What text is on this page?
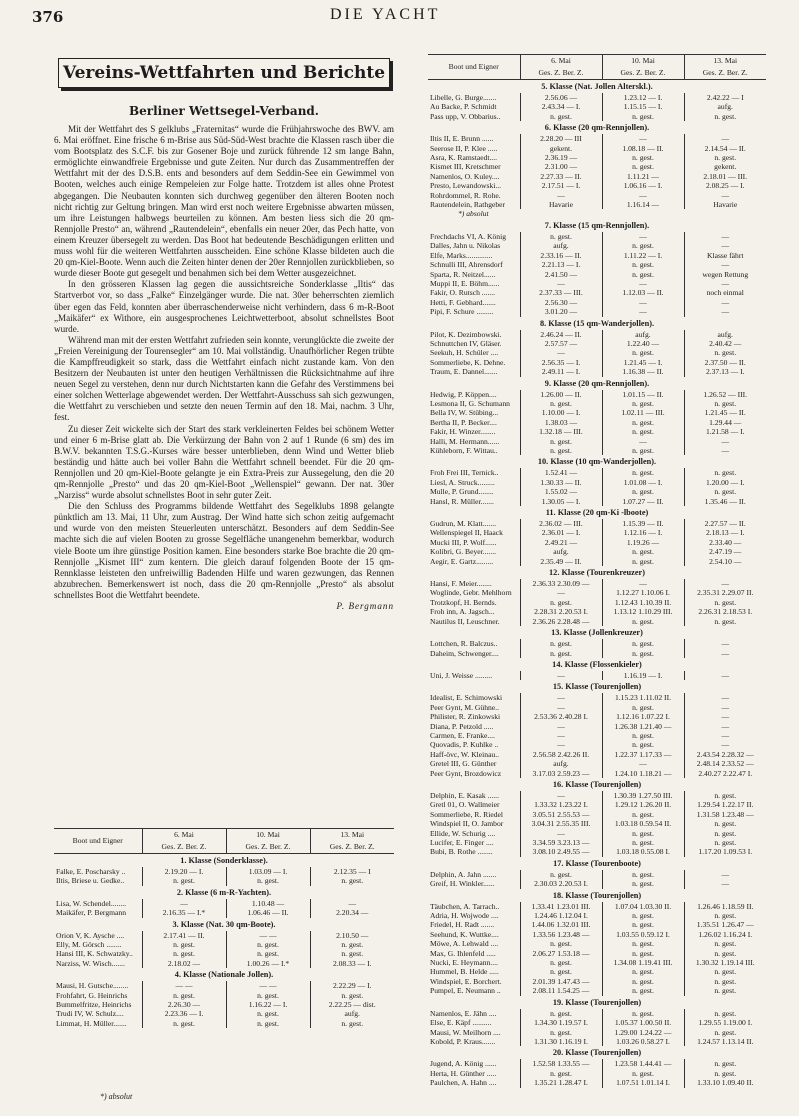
376	DIE YACHT
Vereins-Wettfahrten und Berichte
Berliner Wettsegel-Verband.

Mit der Wettfahrt des S gelklubs „Fraternitas“ wurde die Frühjahrswoche des BWV. am 6. Mai eröffnet. Eine frische 6 m-Brise aus Süd-Süd-West brachte die Klassen rasch über die vom Bootsplatz des S.C.F. bis zur Gosener Boje und zurück führende 12 sm lange Bahn, ermöglichte einwandfreie Ergebnisse und gute Zeiten. Nur durch das Zusammentreffen der Wettfahrt mit der des D.S.B. ents and besonders auf dem Seddin-See ein Gewimmel von Booten, welches auch einige Rempeleien zur Folge hatte. Trotzdem ist alles ohne Protest abgegangen. Die Neubauten konnten sich durchweg gegenüber den älteren Booten noch nicht richtig zur Geltung bringen. Man wird erst noch weitere Ergebnisse abwarten müssen, um ihre Leistungen halbwegs beurteilen zu können. Am besten liess sich die 20 qm-Rennjolle Presto“ an, während „Rautendelein“, ebenfalls ein neuer 20er, das Pech hatte, von einem Kreuzer übersegelt zu werden. Das Boot hat bedeutende Beschädigungen erlitten und muss wohl für die weiteren Wettfahrten ausscheiden. Eine schöne Klasse bildeten auch die 20 qm-Kiel-Boote. Wenn auch die Zeiten hinter denen der 20er Rennjollen zurückblieben, so wurde dieser Boote gut gesegelt und benahmen sich bei dem Wetter ausgezeichnet.

In den grösseren Klassen lag gegen die aussichtsreiche Sonderklasse „Iltis“ das Startverbot vor, so dass „Falke“ Einzelgänger wurde. Die nat. 30er beherrschten ziemlich über egen das Feld, konnten aber überraschenderweise nicht verhindern, dass 6 m-R-Boot „Maikäfer“ ex Withore, ein ausgesprochenes Leichtwetterboot, absolut schnellstes Boot wurde.

Während man mit der ersten Wettfahrt zufrieden sein konnte, verunglückte die zweite der „Freien Vereinigung der Tourensegler“ am 10. Mai vollständig. Unaufhörlicher Regen trübte die Kampffreudigkeit so stark, dass die Wettfahrt einfach nicht zustande kam. Von den Besitzern der Neubauten ist unter den heutigen Verhältnissen die Rücksichtnahme auf ihre neuen Segel zu verstehen, denn nur durch Nichtstarten kann die Gefahr des Verstimmens bei einer solchen Wetterlage abgewendet werden. Der Wettfahrt-Ausschuss sah sich gezwungen, die Wettfahrt zu verschieben und setzte den neuen Termin auf den 18. Mai, nachm. 3 Uhr, fest.

Zu dieser Zeit wickelte sich der Start des stark verkleinerten Feldes bei schönem Wetter und einer 6 m-Brise glatt ab. Die Verkürzung der Bahn von 2 auf 1 Runde (6 sm) des im B.W.V. bekannten T.S.G.-Kurses wäre besser unterblieben, denn Wind und Wetter blieb beständig und hätte auch bei voller Bahn die Wettfahrt schnell beendet. Für die 20 qm-Rennjollen und 20 qm-Kiel-Boote gelangte je ein Extra-Preis zur Aussegelung, den die 20 qm-Rennjolle „Presto“ und das 20 qm-Kiel-Boot „Wellenspiel“ gewann. Der nat. 30er „Narziss“ wurde absolut schnellstes Boot in sehr guter Zeit.

Die den Schluss des Programms bildende Wettfahrt des Segelklubs 1898 gelangte pünktlich am 13. Mai, 11 Uhr, zum Austrag. Der Wind hatte sich schon zeitig aufgemacht und wurde von den meisten Steuerleuten unterschätzt. Besonders auf dem Seddin-See machte sich die auf vielen Booten zu grosse Segelfläche unangenehm bemerkbar, wodurch viele Boote um ihre günstige Position kamen. Eine besonders starke Boe brachte die 20 qm-Rennjolle „Kismet III“ zum kentern. Die gleich darauf folgenden Boote der 15 qm-Rennklasse leisteten den unfreiwillig Badenden Hilfe und waren gezwungen, das Rennen abzubrechen. Bemerkenswert ist noch, dass die 20 qm-Rennjolle „Presto“ als absolut schnellstes Boot die Wettfahrt beendete.

P. Bergmann
Boot und Eigner	6. Mai
Ges. Z. Ber. Z.	10. Mai
Ges. Z. Ber. Z.	13. Mai
Ges. Z. Ber. Z.
1. Klasse (Sonderklasse).			
Falke, E. Poscharsky ..	2.19.20 — I.	1.03.09 — I.	2.12.35 — I
Iltis, Briese u. Gedke..	n. gest.	n. gest.	n. gest.
2. Klasse (6 m-R-Yachten).			
Lisa, W. Schendel........	—	1.10.48 —	—
Maikäfer, P. Bergmann	2.16.35 — I.*	1.06.46 — II.	2.20.34 —
3. Klasse (Nat. 30 qm-Boote).			
Orion V, K. Aysche ....	2.17.41 — II.	— —	2.10.50 —
Elly, M. Görsch ........	n. gest.	n. gest.	n. gest.
Hansi III, K. Schwatzky..	n. gest.	n. gest.	n. gest.
Narziss, W. Wisch.......	2.18.02 —	1.00.26 — I.*	2.08.33 — I.
4. Klasse (Nationale Jollen).			
Mausi, H. Gutsche........	— —	— —	2.22.29 — I.
Frohfahrt, G. Heinrichs	n. gest.	n. gest.	n. gest.
Bummelfritze, Heinrichs	2.26.30 —	1.16.22 — I.	2.22.25 — dist.
Trudi IV, W. Schulz....	2.23.36 — I.	n. gest.	aufg.
Limmat, H. Müller.......	n. gest.	n. gest.	n. gest.
*) absolut
Boot und Eigner	6. Mai
Ges. Z. Ber. Z.	10. Mai
Ges. Z. Ber. Z.	13. Mai
Ges. Z. Ber. Z.
5. Klasse (Nat. Jollen Alterskl.).			
Libelle, G. Burge.......	2.56.06 —	1.23.12 — I.	2.42.22 — I
Au Backe, P. Schmidt	2.43.34 — I.	1.15.15 — I.	aufg.
Pass upp, V. Obbarius..	n. gest.	n. gest.	n. gest.
6. Klasse (20 qm-Rennjollen).			
Iltis II, E. Brunn ......	2.28.20 — III	—	—
Seerose II, P. Klee .....	gekent.	1.08.18 — II.	2.14.54 — II.
Asra, K. Ramstaedt....	2.36.19 —	n. gest.	n. gest.
Kismet III, Kretschmer	2.31.00 —	n. gest.	gekent.
Namenlos, O. Kuley....	2.27.33 — II.	1.11.21 —	2.18.01 — III.
Presto, Lewandowski...	2.17.51 — I.	1.06.16 — I.	2.08.25 — I.
Rohrdommel, R. Rohe.	—	—	—
Rautendelein, Rathgeber	Havarie	1.16.14 —	Havarie
*) absolut			
7. Klasse (15 qm-Rennjollen).			
Frechdachs VI, A. König	n. gest.	—	—
Dalles, Jahn u. Nikolas	aufg.	n. gest.	—
Elfe, Marks..............	2.33.16 — II.	1.11.22 — I.	Klasse fährt
Schnulli III, Ahrensdorf	2.21.13 — I.	n. gest.	—
Sparta, R. Neitzel......	2.41.50 —	n. gest.	wegen Rettung
Muppi II, E. Böhm......	—	—	—
Fakir, O. Rutsch .......	2.37.33 — III.	1.12.03 — II.	noch einmal
Hetti, F. Gebhard.......	2.56.30 —	—	—
Pipi, F. Schure .........	3.01.20 —	—	—
8. Klasse (15 qm-Wanderjollen).			
Pilot, K. Dezimbowski.	2.46.24 — II.	aufg.	aufg.
Schnuttchen IV, Gläser.	2.57.57 —	1.22.40 —	2.40.42 —
Seekuh, H. Schüler ....	—	n. gest.	n. gest.
Sommerliebe, K. Dehne.	2.56.35 — I.	1.21.45 — I.	2.37.50 — II.
Traum, E. Dannel.......	2.49.11 — I.	1.16.38 — II.	2.37.13 — I.
9. Klasse (20 qm-Rennjollen).			
Hedwig, P. Köppen....	1.26.00 — II.	1.01.15 — II.	1.26.52 — III.
Lesmona II, G. Schumann	n. gest.	n. gest.	n. gest.
Bella IV, W. Stübing...	1.10.00 — I.	1.02.11 — III.	1.21.45 — II.
Bertha II, P. Becker....	1.38.03 —	n. gest.	1.29.44 —
Fakir, H. Winzer........	1.32.18 — III.	n. gest.	1.21.58 — I.
Halli, M. Hermann......	n. gest.	—	—
Kühleborn, F. Wittau..	n. gest.	n. gest.	—
10. Klasse (10 qm-Wanderjollen).			
Froh Frei III, Ternick..	1.52.41 —	n. gest.	n. gest.
Liesl, A. Struck.........	1.30.33 — II.	1.01.08 — I.	1.20.00 — I.
Mulle, P. Grund........	1.55.02 —	n. gest.	n. gest.
Hansl, R. Müller.......	1.30.05 — I.	1.07.27 — II.	1.35.46 — II.
11. Klasse (20 qm-Ki -lboote)			
Gudrun, M. Klatt.......	2.36.02 — III.	1.15.39 — II.	2.27.57 — II.
Wellenspiegel II, Haack	2.36.01 — I.	1.12.16 — I.	2.18.13 — I.
Mucki III, P. Wolf......	2.49.21 —	1.19.26 —	2.33.40 —
Kolibri, G. Beyer.......	aufg.	n. gest.	2.47.19 —
Aegir, E. Gartz.........	2.35.49 — II.	n. gest.	2.54.10 —
12. Klasse (Tourenkreuzer)			
Hansi, F. Meier........	2.36.33 2.30.09 —	—	—
Woglinde, Gebr. Mehlhorn	—	1.12.27 1.10.06 I.	2.35.31 2.29.07 II.
Trotzkopf, H. Bernds.	n. gest.	1.12.43 1.10.39 II.	n. gest.
Froh inn, A. Jagsch...	2.28.31 2.20.53 I.	1.13.12 1.10.29 III.	2.26.31 2.18.53 I.
Nautilus II, Leuschner.	2.36.26 2.28.48 —	n. gest.	n. gest.
13. Klasse (Jollenkreuzer)			
Lottchen, R. Balczus..	n. gest.	n. gest.	—
Daheim, Schwenger....	n. gest.	n. gest.	—
14. Klasse (Flossenkieler)			
Uni, J. Weisse .........	—	1.16.19 — I.	—
15. Klasse (Tourenjollen)			
Idealist, E. Schimowski	—	1.15.23 1.11.02 II.	—
Peer Gynt, M. Gühne..	—	n. gest.	—
Philister, R. Zinkowski	2.53.36 2.40.28 I.	1.12.16 1.07.22 I.	—
Diana, P. Petzold .....	—	1.26.38 1.21.40 —	—
Carmen, E. Franke....	—	n. gest.	—
Quovadis, P. Kuhlke ..	—	n. gest.	—
Haff-övc, W. Kleinau..	2.56.58 2.42.26 II.	1.22.37 1.17.33 —	2.43.54 2.28.32 —
Gretel III, G. Günther	aufg.	—	2.48.14 2.33.52 —
Peer Gynt, Brozdowicz	3.17.03 2.59.23 —	1.24.10 1.18.21 —	2.40.27 2.22.47 I.
16. Klasse (Tourenjollen)			
Delphin, E. Kasak ......	—	1.30.39 1.27.50 III.	n. gest.
Gretl 01, O. Wallmeier	1.33.32 1.23.22 I.	1.29.12 1.26.20 II.	1.29.54 1.22.17 II.
Sommerliebe, R. Riedel	3.05.51 2.55.53 —	n. gest.	1.31.58 1.23.48 —
Windspiel II, O. Jambor	3.04.31 2.55.35 III.	1.03.18 0.59.54 II.	n. gest.
Ellide, W. Schurig ....	—	n. gest.	n. gest.
Lucifer, E. Finger ....	3.34.59 3.23.13 —	n. gest.	n. gest.
Bubi, B. Rothe ........	3.08.10 2.49.55 —	1.03.18 0.55.08 I.	1.17.20 1.09.53 I.
17. Klasse (Tourenboote)			
Delphin, A. Jahn .......	n. gest.	n. gest.	—
Greif, H. Winkler......	2.30.03 2.20.53 I.	n. gest.	—
18. Klasse (Tourenjollen)			
Täubchen, A. Tarrach..	1.33.41 1.23.01 III.	1.07.04 1.03.30 II.	1.26.46 1.18.59 II.
Adria, H. Wojwode ....	1.24.46 1.12.04 I.	n. gest.	n. gest.
Friedel, H. Radt .......	1.44.06 1.32.01 III.	n. gest.	1.35.51 1.26.47 —
Seehund, K. Wuttke....	1.33.56 1.23.48 —	1.03.55 0.59.12 I.	1.26.02 1.16.24 I.
Möwe, A. Lehwald ....	n. gest.	n. gest.	n. gest.
Max, G. Ihlenfeld .....	2.06.27 1.53.18 —	n. gest.	n. gest.
Nucki, E. Heymann....	n. gest.	1.34.08 1.19.41 III.	1.30.32 1.19.14 III.
Hummel, B. Helde .....	n. gest.	n. gest.	n. gest.
Windspiel, E. Borchert.	2.01.39 1.47.43 —	n. gest.	n. gest.
Pumpel, E. Neumann ..	2.08.11 1.54.25 —	n. gest.	n. gest.
19. Klasse (Tourenjollen)			
Namenlos, E. Jähn ....	n. gest.	n. gest.	n. gest.
Else, E. Käpf ..........	1.34.30 1.19.57 I.	1.05.37 1.00.50 II.	1.29.55 1.19.00 I.
Mausi, W. Meilhorn ....	n. gest.	1.29.00 1.24.22 —	n. gest.
Kobold, P. Kraus.......	1.31.30 1.16.19 I.	1.03.26 0.58.27 I.	1.24.57 1.13.14 II.
20. Klasse (Tourenjollen)			
Jugend, A. König ......	1.52.58 1.33.55 —	1.23.58 1.44.41 —	n. gest.
Herta, H. Günther .....	n. gest.	n. gest.	n. gest.
Paulchen, A. Hahn ....	1.35.21 1.28.47 I.	1.07.51 1.01.14 I.	1.33.10 1.09.40 II.
